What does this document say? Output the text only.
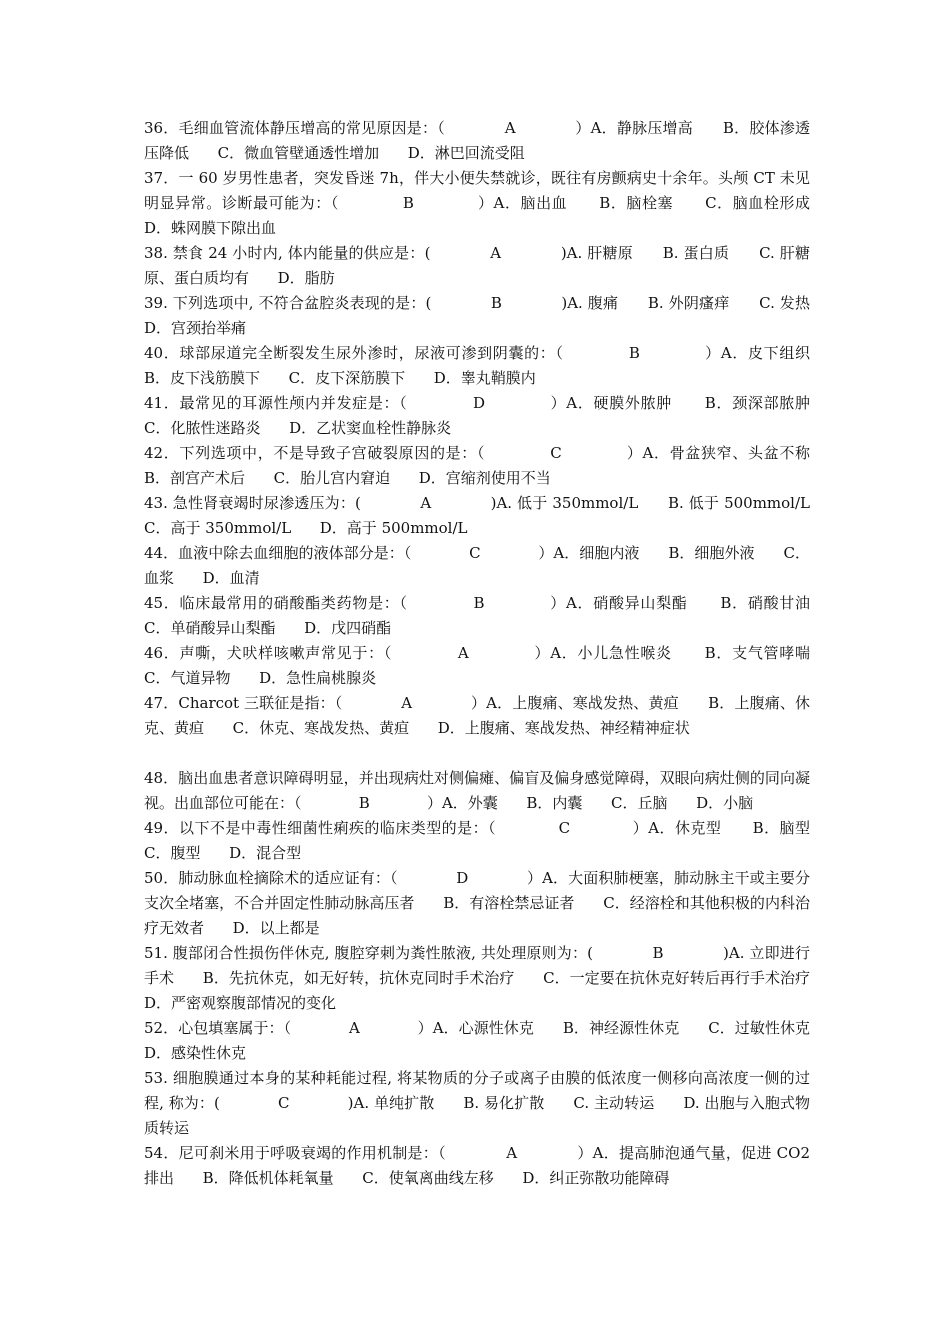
36．毛细血管流体静压增高的常见原因是：（            A            ）A．静脉压增高      B．胶体渗透压降低      C．微血管壁通透性增加      D．淋巴回流受阻
37．一 60 岁男性患者，突发昏迷 7h，伴大小便失禁就诊，既往有房颤病史十余年。头颅 CT 未见明显异常。诊断最可能为：（            B            ）A．脑出血      B．脑栓塞      C．脑血栓形成      D．蛛网膜下隙出血
38. 禁食 24 小时内, 体内能量的供应是：(            A            )A. 肝糖原      B. 蛋白质      C. 肝糖原、蛋白质均有      D．脂肪
39. 下列选项中, 不符合盆腔炎表现的是：(            B            )A. 腹痛      B. 外阴瘙痒      C. 发热      D．宫颈抬举痛
40．球部尿道完全断裂发生尿外渗时，尿液可渗到阴囊的：（            B            ）A．皮下组织      B．皮下浅筋膜下      C．皮下深筋膜下      D．睾丸鞘膜内
41．最常见的耳源性颅内并发症是：（            D            ）A．硬膜外脓肿      B．颈深部脓肿      C．化脓性迷路炎      D．乙状窦血栓性静脉炎
42．下列选项中，不是导致子宫破裂原因的是：（            C            ）A．骨盆狭窄、头盆不称      B．剖宫产术后      C．胎儿宫内窘迫      D．宫缩剂使用不当
43. 急性肾衰竭时尿渗透压为：(            A            )A. 低于 350mmol/L      B. 低于 500mmol/L      C．高于 350mmol/L      D．高于 500mmol/L
44．血液中除去血细胞的液体部分是：（            C            ）A．细胞内液      B．细胞外液      C．血浆      D．血清
45．临床最常用的硝酸酯类药物是：（            B            ）A．硝酸异山梨酯      B．硝酸甘油      C．单硝酸异山梨酯      D．戊四硝酯
46．声嘶，犬吠样咳嗽声常见于：（            A            ）A．小儿急性喉炎      B．支气管哮喘      C．气道异物      D．急性扁桃腺炎
47．Charcot 三联征是指：（            A            ）A．上腹痛、寒战发热、黄疸      B．上腹痛、休克、黄疸      C．休克、寒战发热、黄疸      D．上腹痛、寒战发热、神经精神症状
48．脑出血患者意识障碍明显，并出现病灶对侧偏瘫、偏盲及偏身感觉障碍，双眼向病灶侧的同向凝视。出血部位可能在：（            B            ）A．外囊      B．内囊      C．丘脑      D．小脑
49．以下不是中毒性细菌性痢疾的临床类型的是：（            C            ）A．休克型      B．脑型      C．腹型      D．混合型
50．肺动脉血栓摘除术的适应证有：（            D            ）A．大面积肺梗塞，肺动脉主干或主要分支次全堵塞，不合并固定性肺动脉高压者      B．有溶栓禁忌证者      C．经溶栓和其他积极的内科治疗无效者      D．以上都是
51. 腹部闭合性损伤伴休克, 腹腔穿刺为粪性脓液, 共处理原则为：(            B            )A. 立即进行手术      B．先抗休克，如无好转，抗休克同时手术治疗      C．一定要在抗休克好转后再行手术治疗      D．严密观察腹部情况的变化
52．心包填塞属于：（            A            ）A．心源性休克      B．神经源性休克      C．过敏性休克      D．感染性休克
53. 细胞膜通过本身的某种耗能过程, 将某物质的分子或离子由膜的低浓度一侧移向高浓度一侧的过程, 称为：(            C            )A. 单纯扩散      B. 易化扩散      C. 主动转运      D. 出胞与入胞式物质转运
54．尼可刹米用于呼吸衰竭的作用机制是：（            A            ）A．提高肺泡通气量，促进 CO2 排出      B．降低机体耗氧量      C．使氧离曲线左移      D．纠正弥散功能障碍
